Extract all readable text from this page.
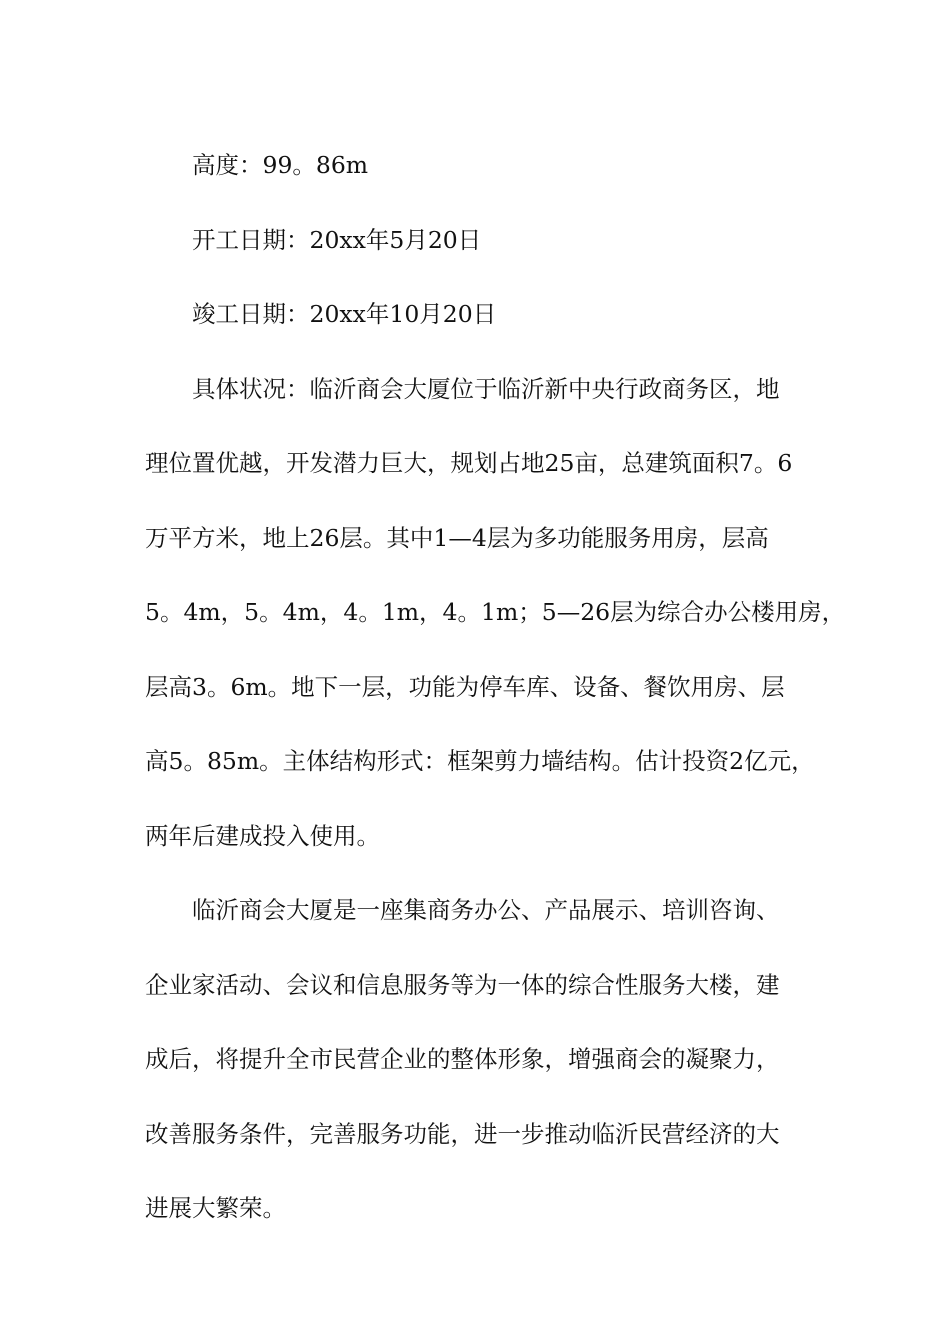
高度：99。86m
开工日期：20xx年5月20日
竣工日期：20xx年10月20日
具体状况：临沂商会大厦位于临沂新中央行政商务区，地
理位置优越，开发潜力巨大，规划占地25亩，总建筑面积7。6
万平方米，地上26层。其中1—4层为多功能服务用房，层高
5。4m，5。4m，4。1m，4。1m；5—26层为综合办公楼用房，
层高3。6m。地下一层，功能为停车库、设备、餐饮用房、层
高5。85m。主体结构形式：框架剪力墙结构。估计投资2亿元，
两年后建成投入使用。
临沂商会大厦是一座集商务办公、产品展示、培训咨询、
企业家活动、会议和信息服务等为一体的综合性服务大楼，建
成后，将提升全市民营企业的整体形象，增强商会的凝聚力，
改善服务条件，完善服务功能，进一步推动临沂民营经济的大
进展大繁荣。
